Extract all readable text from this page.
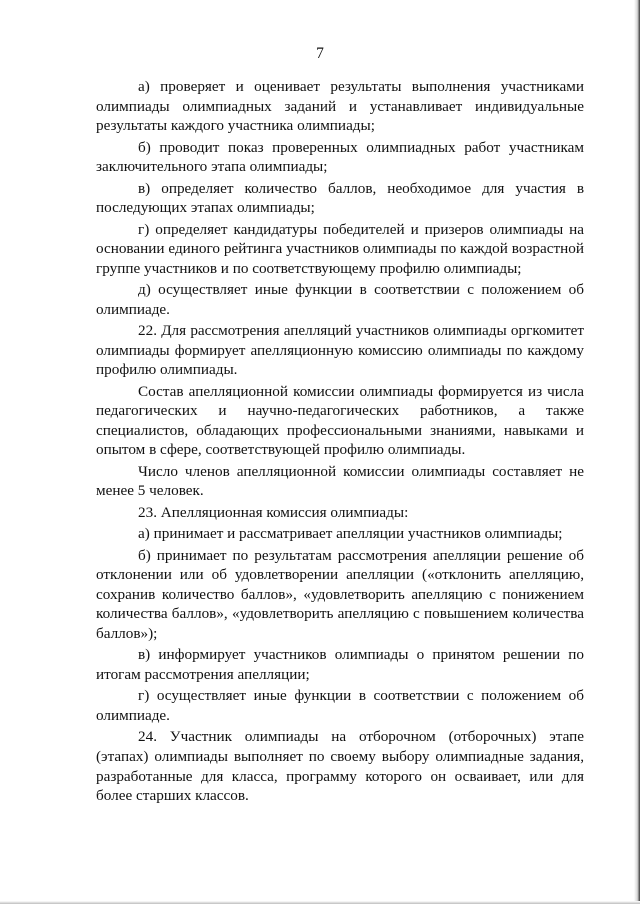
7

а) проверяет и оценивает результаты выполнения участниками олимпиады олимпиадных заданий и устанавливает индивидуальные результаты каждого участника олимпиады;

б) проводит показ проверенных олимпиадных работ участникам заключительного этапа олимпиады;

в) определяет количество баллов, необходимое для участия в последующих этапах олимпиады;

г) определяет кандидатуры победителей и призеров олимпиады на основании единого рейтинга участников олимпиады по каждой возрастной группе участников и по соответствующему профилю олимпиады;

д) осуществляет иные функции в соответствии с положением об олимпиаде.

22. Для рассмотрения апелляций участников олимпиады оргкомитет олимпиады формирует апелляционную комиссию олимпиады по каждому профилю олимпиады.

Состав апелляционной комиссии олимпиады формируется из числа педагогических и научно-педагогических работников, а также специалистов, обладающих профессиональными знаниями, навыками и опытом в сфере, соответствующей профилю олимпиады.

Число членов апелляционной комиссии олимпиады составляет не менее 5 человек.

23. Апелляционная комиссия олимпиады:

а) принимает и рассматривает апелляции участников олимпиады;

б) принимает по результатам рассмотрения апелляции решение об отклонении или об удовлетворении апелляции («отклонить апелляцию, сохранив количество баллов», «удовлетворить апелляцию с понижением количества баллов», «удовлетворить апелляцию с повышением количества баллов»);

в) информирует участников олимпиады о принятом решении по итогам рассмотрения апелляции;

г) осуществляет иные функции в соответствии с положением об олимпиаде.

24. Участник олимпиады на отборочном (отборочных) этапе (этапах) олимпиады выполняет по своему выбору олимпиадные задания, разработанные для класса, программу которого он осваивает, или для более старших классов.
